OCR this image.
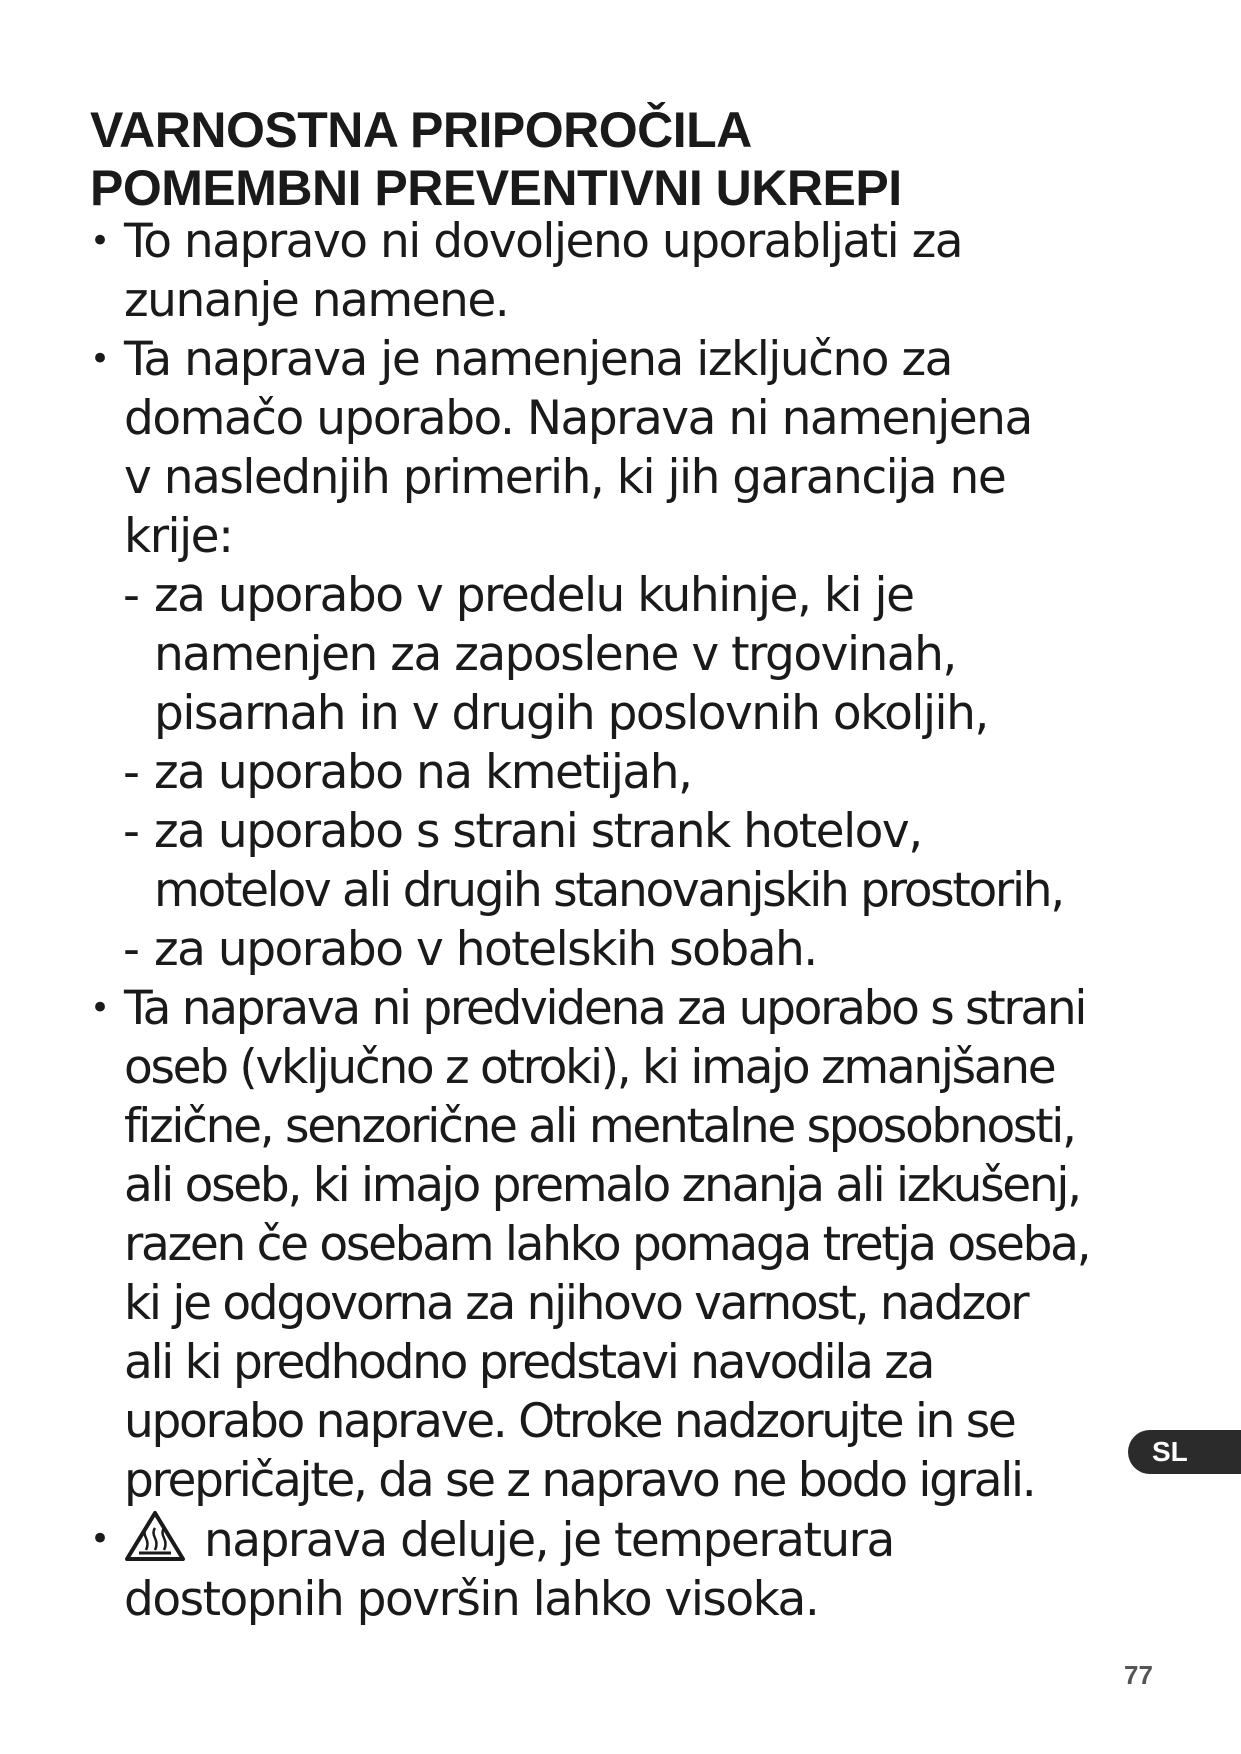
VARNOSTNA PRIPOROČILA
POMEMBNI PREVENTIVNI UKREPI
• To napravo ni dovoljeno uporabljati za
zunanje namene.
• Ta naprava je namenjena izključno za
domačo uporabo. Naprava ni namenjena
v naslednjih primerih, ki jih garancija ne
krije:
- za uporabo v predelu kuhinje, ki je
namenjen za zaposlene v trgovinah,
pisarnah in v drugih poslovnih okoljih,
- za uporabo na kmetijah,
- za uporabo s strani strank hotelov,
motelov ali drugih stanovanjskih prostorih,
- za uporabo v hotelskih sobah.
• Ta naprava ni predvidena za uporabo s strani
oseb (vključno z otroki), ki imajo zmanjšane
fizične, senzorične ali mentalne sposobnosti,
ali oseb, ki imajo premalo znanja ali izkušenj,
razen če osebam lahko pomaga tretja oseba,
ki je odgovorna za njihovo varnost, nadzor
ali ki predhodno predstavi navodila za
uporabo naprave. Otroke nadzorujte in se
prepričajte, da se z napravo ne bodo igrali.
•	naprava deluje, je temperatura
dostopnih površin lahko visoka.
SL
77
